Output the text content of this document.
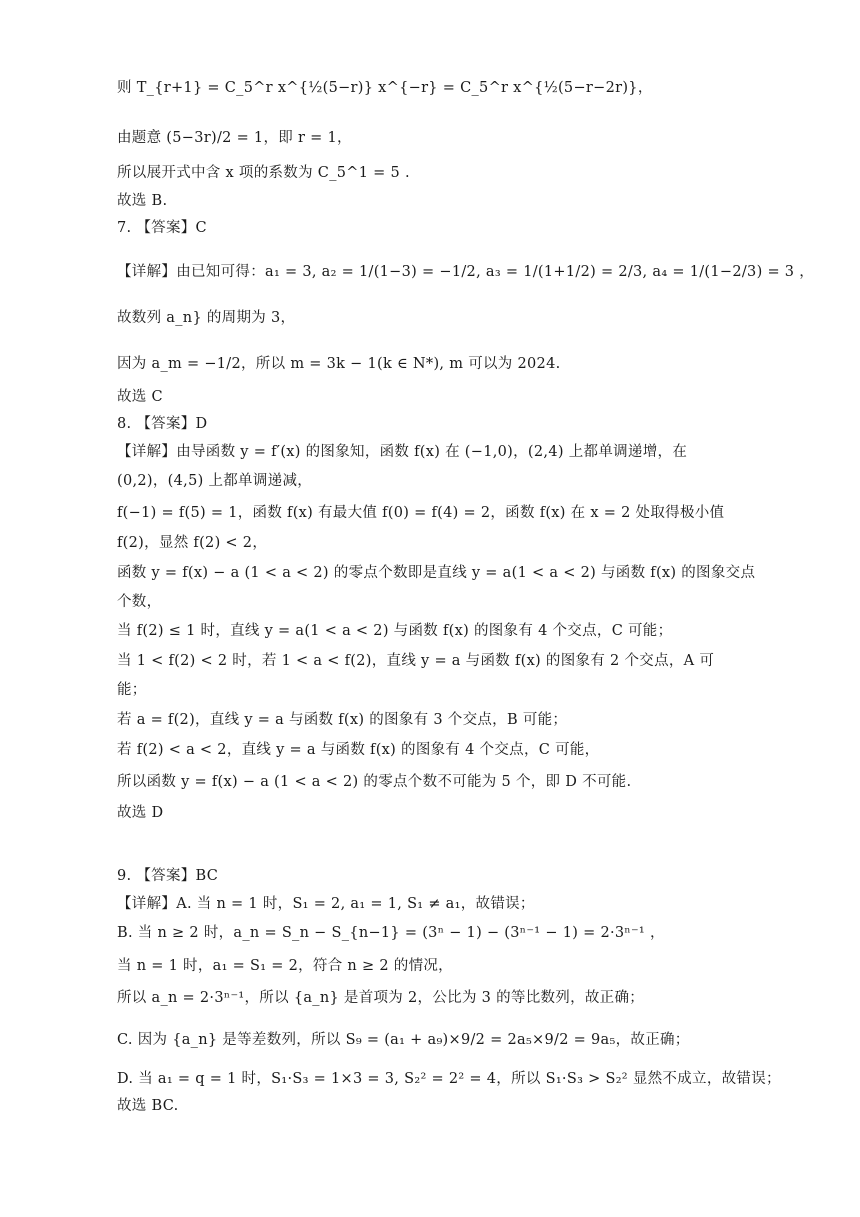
则 T_{r+1} = C_5^r x^{½(5−r)} x^{−r} = C_5^r x^{½(5−r−2r)}，
由题意 (5−3r)/2 = 1，即 r = 1，
所以展开式中含 x 项的系数为 C_5^1 = 5 .
故选 B.
7. 【答案】C
【详解】由已知可得：a₁ = 3, a₂ = 1/(1−3) = −1/2, a₃ = 1/(1+1/2) = 2/3, a₄ = 1/(1−2/3) = 3 ，
故数列 a_n} 的周期为 3，
因为 a_m = −1/2，所以 m = 3k − 1(k ∈ N*), m 可以为 2024.
故选 C
8. 【答案】D
【详解】由导函数 y = f′(x) 的图象知，函数 f(x) 在 (−1,0)，(2,4) 上都单调递增，在
(0,2)，(4,5) 上都单调递减，
f(−1) = f(5) = 1，函数 f(x) 有最大值 f(0) = f(4) = 2，函数 f(x) 在 x = 2 处取得极小值
f(2)，显然 f(2) < 2，
函数 y = f(x) − a (1 < a < 2) 的零点个数即是直线 y = a(1 < a < 2) 与函数 f(x) 的图象交点
个数，
当 f(2) ≤ 1 时，直线 y = a(1 < a < 2) 与函数 f(x) 的图象有 4 个交点，C 可能；
当 1 < f(2) < 2 时，若 1 < a < f(2)，直线 y = a 与函数 f(x) 的图象有 2 个交点，A 可
能；
若 a = f(2)，直线 y = a 与函数 f(x) 的图象有 3 个交点，B 可能；
若 f(2) < a < 2，直线 y = a 与函数 f(x) 的图象有 4 个交点，C 可能，
所以函数 y = f(x) − a (1 < a < 2) 的零点个数不可能为 5 个，即 D 不可能.
故选 D
9. 【答案】BC
【详解】A. 当 n = 1 时，S₁ = 2, a₁ = 1, S₁ ≠ a₁，故错误；
B. 当 n ≥ 2 时，a_n = S_n − S_{n−1} = (3ⁿ − 1) − (3ⁿ⁻¹ − 1) = 2·3ⁿ⁻¹ ，
当 n = 1 时，a₁ = S₁ = 2，符合 n ≥ 2 的情况，
所以 a_n = 2·3ⁿ⁻¹，所以 {a_n} 是首项为 2，公比为 3 的等比数列，故正确；
C. 因为 {a_n} 是等差数列，所以 S₉ = (a₁ + a₉)×9/2 = 2a₅×9/2 = 9a₅，故正确；
D. 当 a₁ = q = 1 时，S₁·S₃ = 1×3 = 3, S₂² = 2² = 4，所以 S₁·S₃ > S₂² 显然不成立，故错误；
故选 BC.
